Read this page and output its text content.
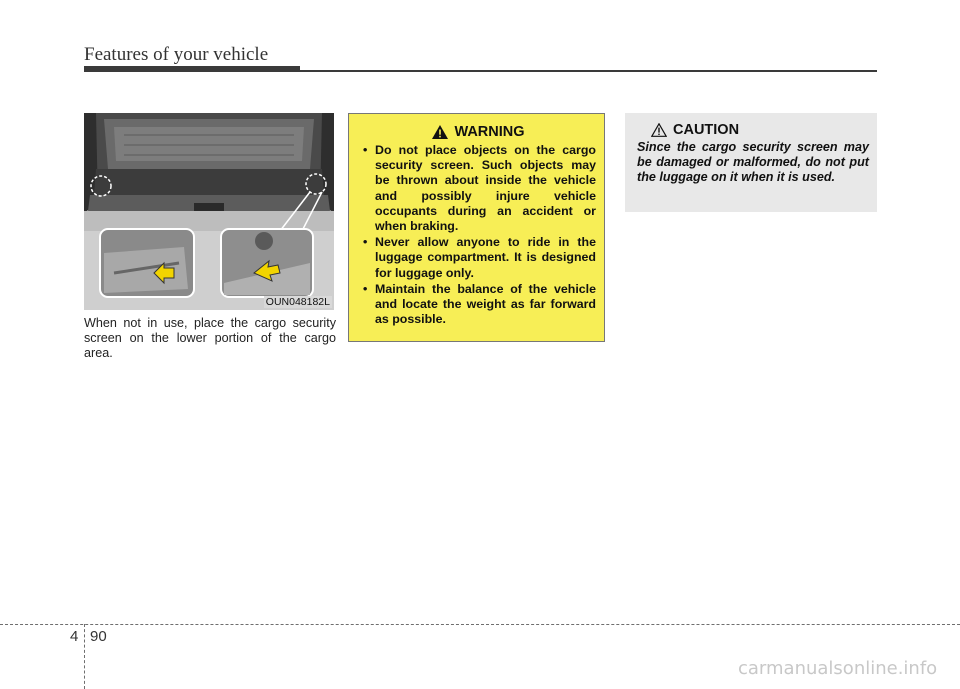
Features of your vehicle
OUN048182L

When not in use, place the cargo security screen on the lower portion of the cargo area.

WARNING
• Do not place objects on the cargo security screen. Such objects may be thrown about inside the vehicle and possibly injure vehicle occupants during an accident or when braking.
• Never allow anyone to ride in the luggage compartment. It is designed for luggage only.
• Maintain the balance of the vehicle and locate the weight as far forward as possible.
CAUTION

Since the cargo security screen may be damaged or malformed, do not put the luggage on it when it is used.

4 90
carmanualsonline.info
